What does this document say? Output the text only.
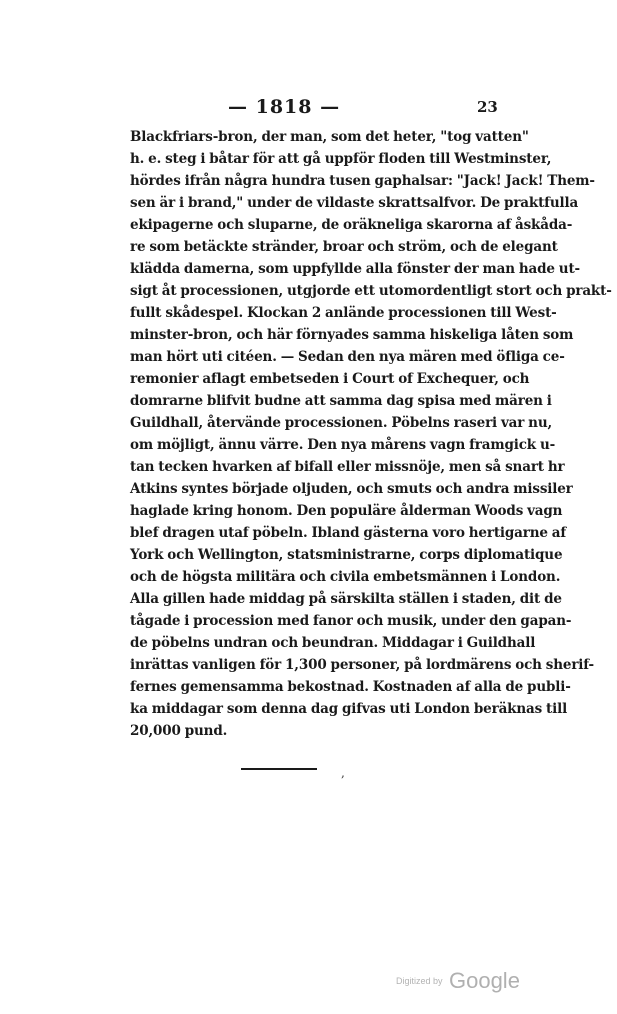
— 1818 —	23
Blackfriars-bron, der man, som det heter, "tog vatten"
h. e. steg i båtar för att gå uppför floden till Westminster,
hördes ifrån några hundra tusen gaphalsar: "Jack! Jack! Them-
sen är i brand," under de vildaste skrattsalfvor. De praktfulla
ekipagerne och sluparne, de oräkneliga skarorna af åskåda-
re som betäckte stränder, broar och ström, och de elegant
klädda damerna, som uppfyllde alla fönster der man hade ut-
sigt åt processionen, utgjorde ett utomordentligt stort och prakt-
fullt skådespel. Klockan 2 anlände processionen till West-
minster-bron, och här förnyades samma hiskeliga låten som
man hört uti citéen. — Sedan den nya mären med öfliga ce-
remonier aflagt embetseden i Court of Exchequer, och
domrarne blifvit budne att samma dag spisa med mären i
Guildhall, återvände processionen. Pöbelns raseri var nu,
om möjligt, ännu värre. Den nya mårens vagn framgick u-
tan tecken hvarken af bifall eller missnöje, men så snart hr
Atkins syntes började oljuden, och smuts och andra missiler
haglade kring honom. Den populäre ålderman Woods vagn
blef dragen utaf pöbeln. Ibland gästerna voro hertigarne af
York och Wellington, statsministrarne, corps diplomatique
och de högsta militära och civila embetsmännen i London.
Alla gillen hade middag på särskilta ställen i staden, dit de
tågade i procession med fanor och musik, under den gapan-
de pöbelns undran och beundran. Middagar i Guildhall
inrättas vanligen för 1,300 personer, på lordmärens och sherif-
fernes gemensamma bekostnad. Kostnaden af alla de publi-
ka middagar som denna dag gifvas uti London beräknas till
20,000 pund.
,
Digitized by Google
